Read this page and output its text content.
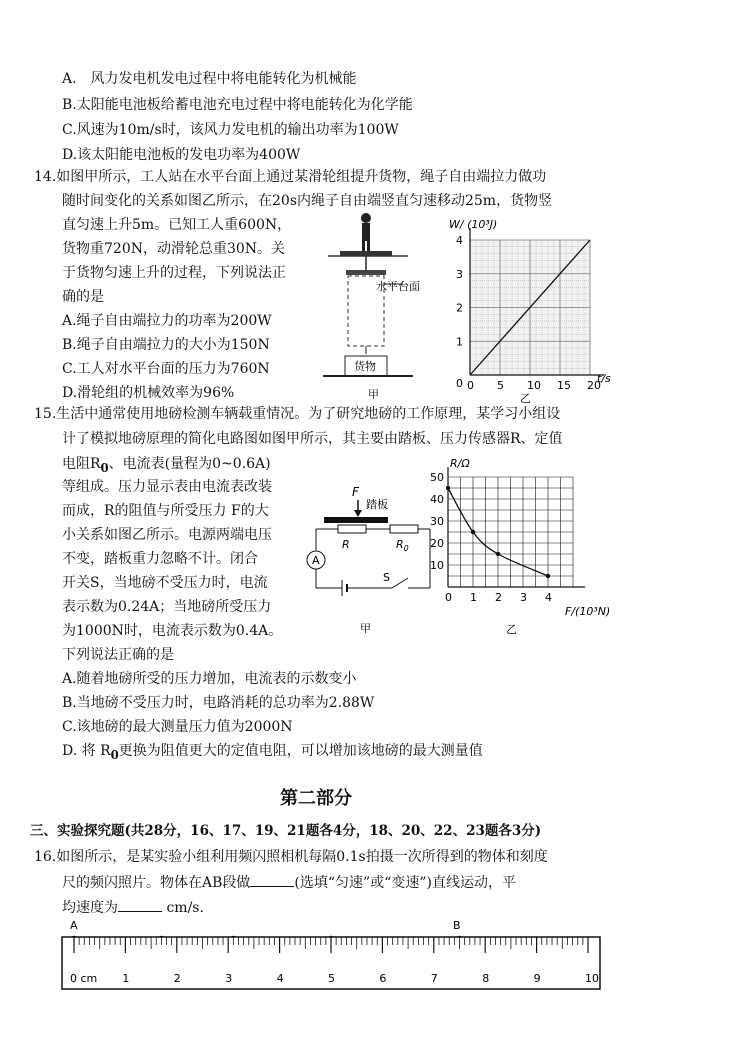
A.　风力发电机发电过程中将电能转化为机械能
B.太阳能电池板给蓄电池充电过程中将电能转化为化学能
C.风速为10m/s时，该风力发电机的输出功率为100W
D.该太阳能电池板的发电功率为400W
14.如图甲所示，工人站在水平台面上通过某滑轮组提升货物，绳子自由端拉力做功
随时间变化的关系如图乙所示，在20s内绳子自由端竖直匀速移动25m，货物竖
直匀速上升5m。已知工人重600N，
货物重720N，动滑轮总重30N。关
于货物匀速上升的过程，下列说法正
确的是
A.绳子自由端拉力的功率为200W
B.绳子自由端拉力的大小为150N
C.工人对水平台面的压力为760N
D.滑轮组的机械效率为96%
水平台面
货物
甲
0 5 10 15 20
0
1
2
3
4
W/ (10³J)
t/s
乙
15.生活中通常使用地磅检测车辆载重情况。为了研究地磅的工作原理，某学习小组设
计了模拟地磅原理的简化电路图如图甲所示，其主要由踏板、压力传感器R、定值
电阻$R_0$、电流表(量程为0~0.6A)
等组成。压力显示表由电流表改装
而成，R的阻值与所受压力 F的大
小关系如图乙所示。电源两端电压
不变，踏板重力忽略不计。闭合
开关S，当地磅不受压力时，电流
表示数为0.24A；当地磅所受压力
为1000N时，电流表示数为0.4A。
下列说法正确的是
A.随着地磅所受的压力增加，电流表的示数变小
B.当地磅不受压力时，电路消耗的总功率为2.88W
C.该地磅的最大测量压力值为2000N
D. 将 $R_0$更换为阻值更大的定值电阻，可以增加该地磅的最大测量值
F
踏板
R	$R_0$
A
S
甲
0 1 2 3 4
10
20
30
40
50
R/Ω
F/(10³N)
乙
第二部分
三、实验探究题(共28分，16、17、19、21题各4分，18、20、22、23题各3分)
16.如图所示，是某实验小组利用频闪照相机每隔0.1s拍摄一次所得到的物体和刻度
尺的频闪照片。物体在AB段做	(选填“匀速”或“变速”)直线运动，平
均速度为	cm/s.
A	B
0 cm 1	2	3	4	5	6	7	8	9	10
